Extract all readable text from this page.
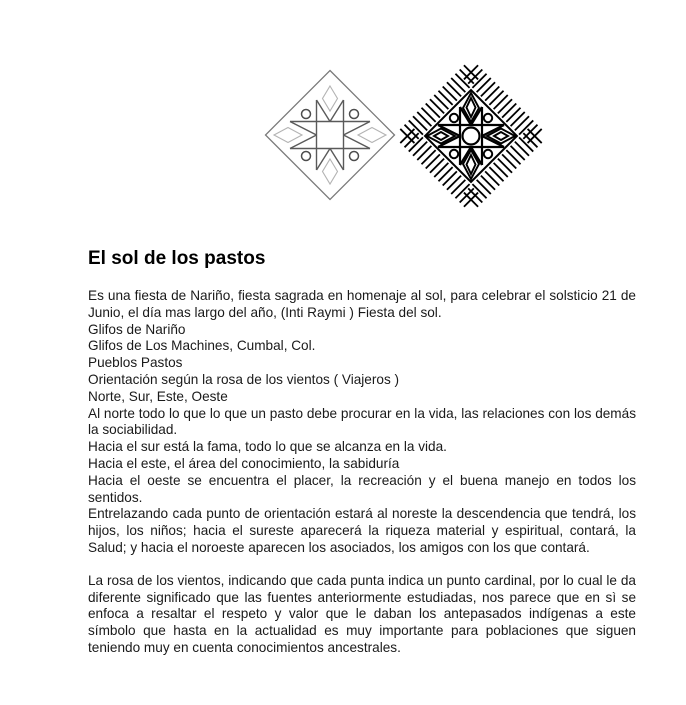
El sol de los pastos

Es una fiesta de Nariño, fiesta sagrada en homenaje al sol, para celebrar el solsticio 21 de Junio, el día mas largo del año, (Inti Raymi ) Fiesta del sol.

Glifos de Nariño

Glifos de Los Machines, Cumbal, Col.

Pueblos Pastos

Orientación según la rosa de los vientos ( Viajeros )

Norte, Sur, Este, Oeste

Al norte todo lo que lo que un pasto debe procurar en la vida, las relaciones con los demás la sociabilidad.

Hacia el sur está la fama, todo lo que se alcanza en la vida.

Hacia el este, el área del conocimiento, la sabiduría

Hacia el oeste se encuentra el placer, la recreación y el buena manejo en todos los sentidos.

Entrelazando cada punto de orientación estará al noreste la descendencia que tendrá, los hijos, los niños; hacia el sureste aparecerá la riqueza material y espiritual, contará, la Salud; y hacia el noroeste aparecen los asociados, los amigos con los que contará.

La rosa de los vientos, indicando que cada punta indica un punto cardinal, por lo cual le da diferente significado que las fuentes anteriormente estudiadas, nos parece que en sì se enfoca a resaltar el respeto y valor que le daban los antepasados indígenas a este símbolo que hasta en la actualidad es muy importante para poblaciones que siguen teniendo muy en cuenta conocimientos ancestrales.
